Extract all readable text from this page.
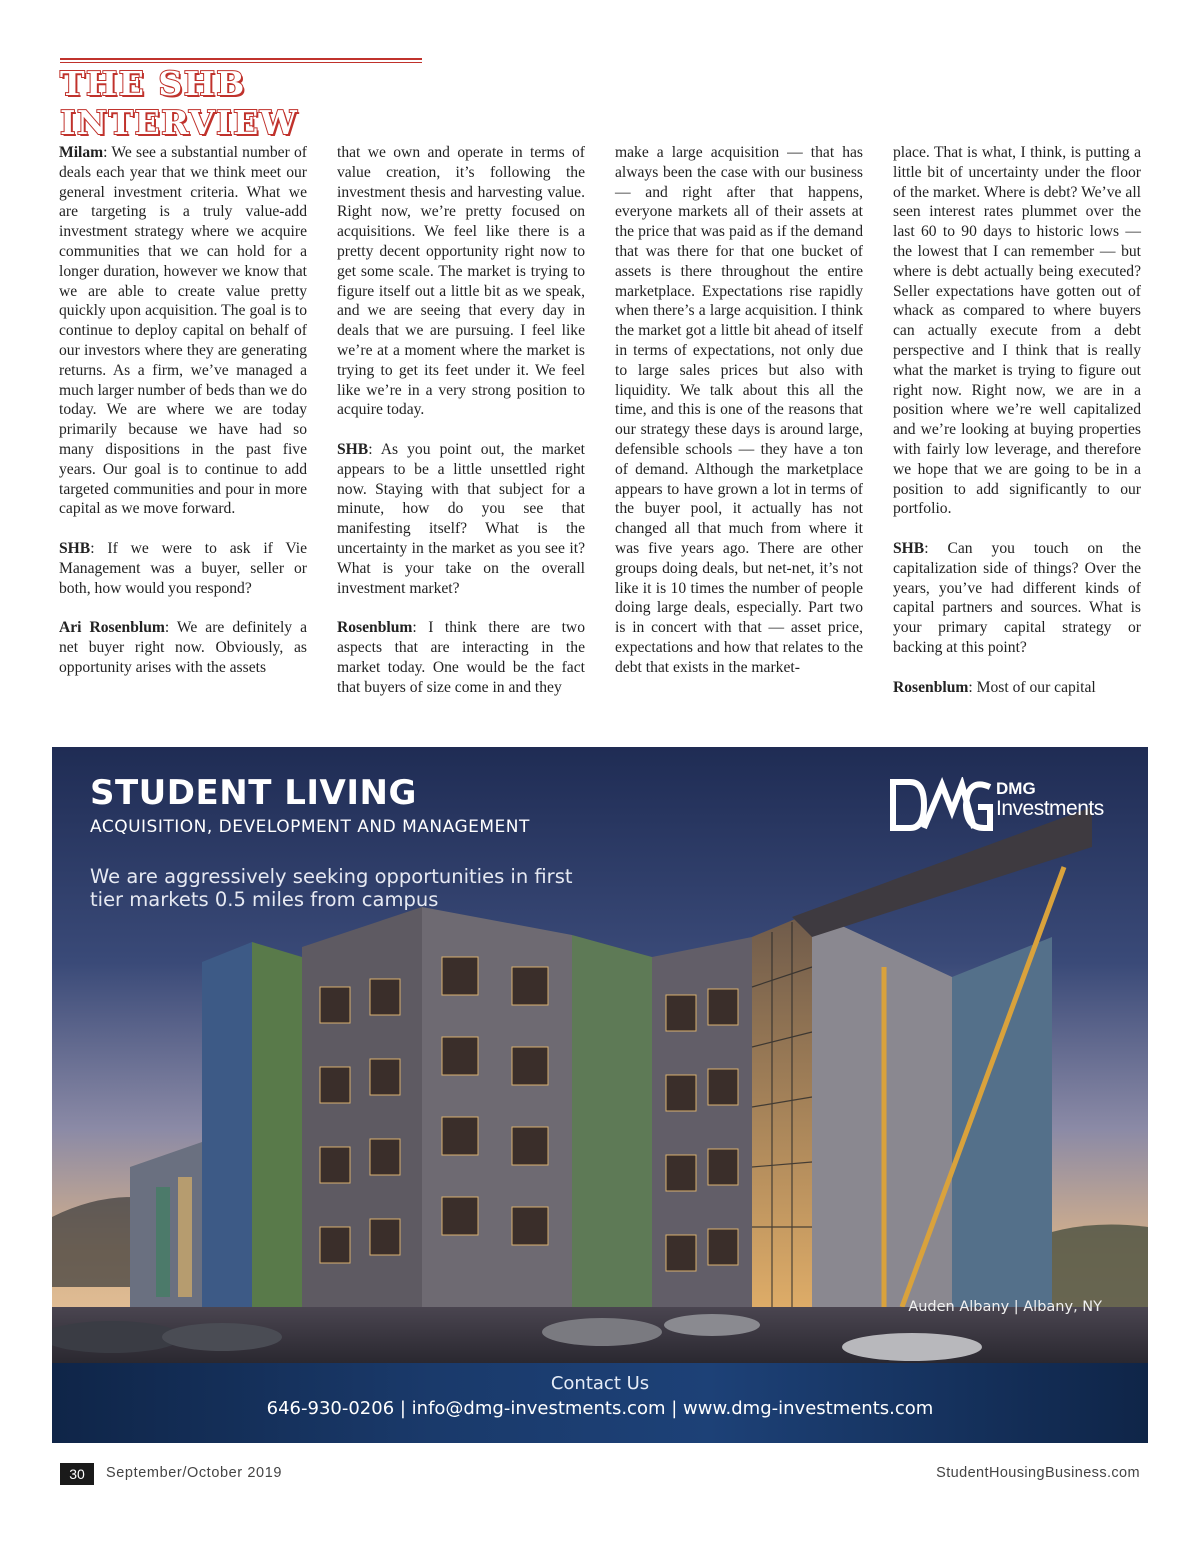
THE SHB INTERVIEW

Milam: We see a substantial number of deals each year that we think meet our general investment criteria. What we are targeting is a truly value-add investment strategy where we acquire communities that we can hold for a longer duration, however we know that we are able to create value pretty quickly upon acquisition. The goal is to continue to deploy capital on behalf of our investors where they are generating returns. As a firm, we’ve managed a much larger number of beds than we do today. We are where we are today primarily because we have had so many dispositions in the past five years. Our goal is to continue to add targeted communities and pour in more capital as we move forward.

SHB: If we were to ask if Vie Management was a buyer, seller or both, how would you respond?

Ari Rosenblum: We are definitely a net buyer right now. Obviously, as opportunity arises with the assets

that we own and operate in terms of value creation, it’s following the investment thesis and harvesting value. Right now, we’re pretty focused on acquisitions. We feel like there is a pretty decent opportunity right now to get some scale. The market is trying to figure itself out a little bit as we speak, and we are seeing that every day in deals that we are pursuing. I feel like we’re at a moment where the market is trying to get its feet under it. We feel like we’re in a very strong position to acquire today.

SHB: As you point out, the market appears to be a little unsettled right now. Staying with that subject for a minute, how do you see that manifesting itself? What is the uncertainty in the market as you see it? What is your take on the overall investment market?

Rosenblum: I think there are two aspects that are interacting in the market today. One would be the fact that buyers of size come in and they

make a large acquisition — that has always been the case with our business — and right after that happens, everyone markets all of their assets at the price that was paid as if the demand that was there for that one bucket of assets is there throughout the entire marketplace. Expectations rise rapidly when there’s a large acquisition. I think the market got a little bit ahead of itself in terms of expectations, not only due to large sales prices but also with liquidity. We talk about this all the time, and this is one of the reasons that our strategy these days is around large, defensible schools — they have a ton of demand. Although the marketplace appears to have grown a lot in terms of the buyer pool, it actually has not changed all that much from where it was five years ago. There are other groups doing deals, but net-net, it’s not like it is 10 times the number of people doing large deals, especially. Part two is in concert with that — asset price, expectations and how that relates to the debt that exists in the market-

place. That is what, I think, is putting a little bit of uncertainty under the floor of the market. Where is debt? We’ve all seen interest rates plummet over the last 60 to 90 days to historic lows — the lowest that I can remember — but where is debt actually being executed? Seller expectations have gotten out of whack as compared to where buyers can actually execute from a debt perspective and I think that is really what the market is trying to figure out right now. Right now, we are in a position where we’re well capitalized and we’re looking at buying properties with fairly low leverage, and therefore we hope that we are going to be in a position to add significantly to our portfolio.

SHB: Can you touch on the capitalization side of things? Over the years, you’ve had different kinds of capital partners and sources. What is your primary capital strategy or backing at this point?

Rosenblum: Most of our capital

STUDENT LIVING
ACQUISITION, DEVELOPMENT AND MANAGEMENT
We are aggressively seeking opportunities in first tier markets 0.5 miles from campus
DMG
Investments
Auden Albany | Albany, NY
Contact Us
646-930-0206 | info@dmg-investments.com | www.dmg-investments.com
30	September/October 2019	StudentHousingBusiness.com
